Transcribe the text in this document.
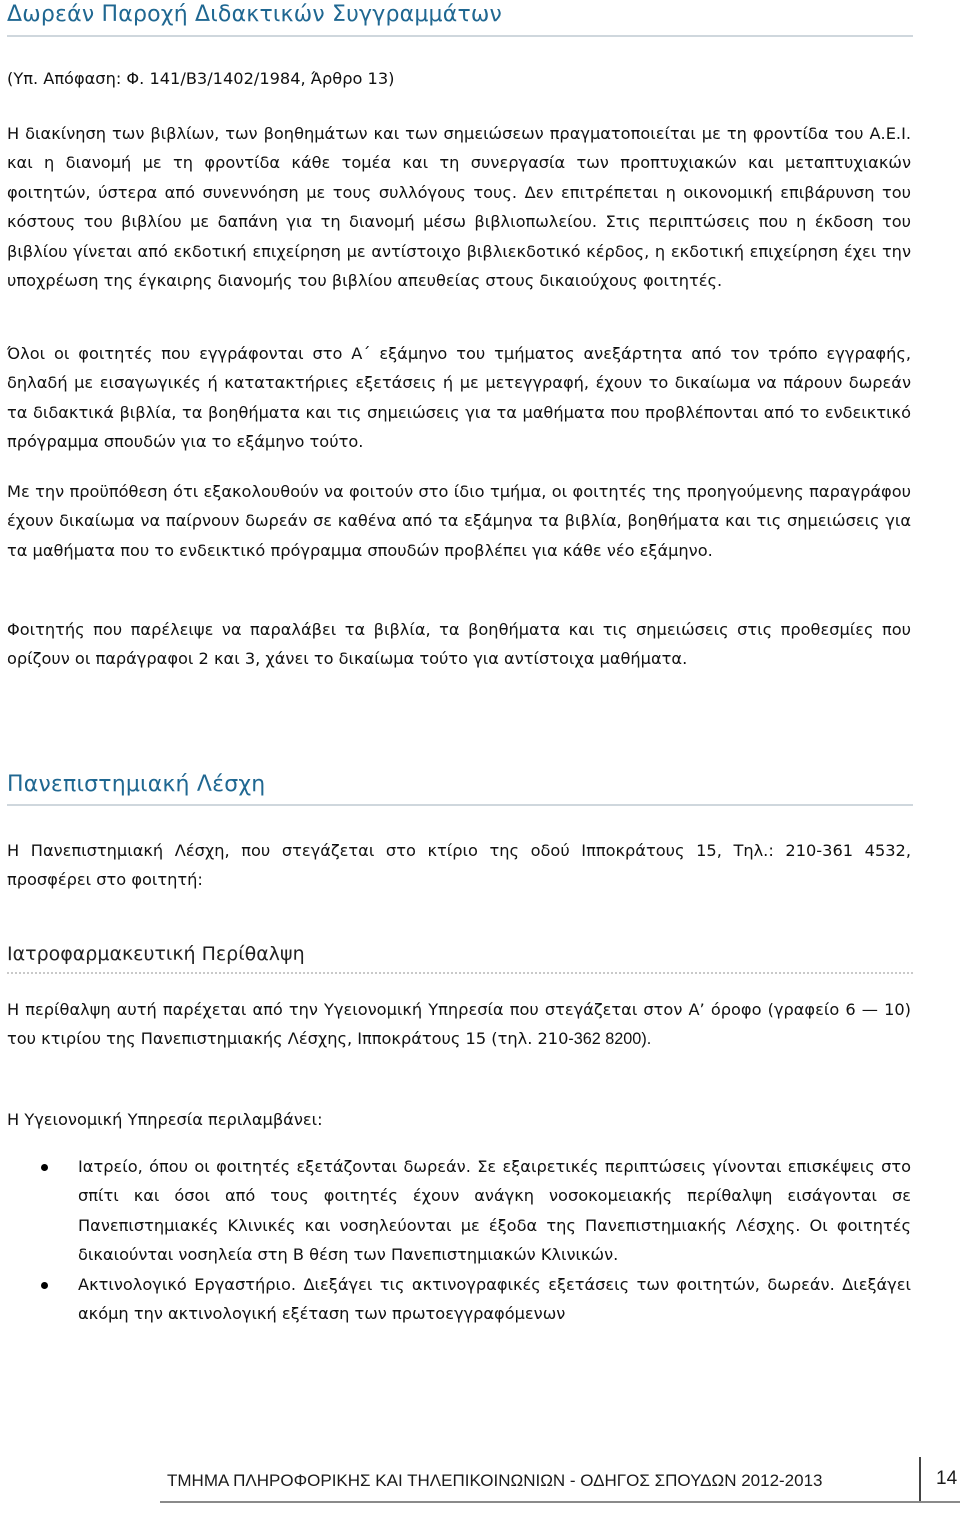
Δωρεάν Παροχή Διδακτικών Συγγραμμάτων
(Υπ. Απόφαση: Φ. 141/Β3/1402/1984, Άρθρο 13)
Η διακίνηση των βιβλίων, των βοηθημάτων και των σημειώσεων πραγματοποιείται με τη φροντίδα του Α.Ε.Ι. και η διανομή με τη φροντίδα κάθε τομέα και τη συνεργασία των προπτυχιακών και μεταπτυχιακών φοιτητών, ύστερα από συνεννόηση με τους συλλόγους τους. Δεν επιτρέπεται η οικονομική επιβάρυνση του κόστους του βιβλίου με δαπάνη για τη διανομή μέσω βιβλιοπωλείου. Στις περιπτώσεις που η έκδοση του βιβλίου γίνεται από εκδοτική επιχείρηση με αντίστοιχο βιβλιεκδοτικό κέρδος, η εκδοτική επιχείρηση έχει την υποχρέωση της έγκαιρης διανομής του βιβλίου απευθείας στους δικαιούχους φοιτητές.
Όλοι οι φοιτητές που εγγράφονται στο Α΄ εξάμηνο του τμήματος ανεξάρτητα από τον τρόπο εγγραφής, δηλαδή με εισαγωγικές ή κατατακτήριες εξετάσεις ή με μετεγγραφή, έχουν το δικαίωμα να πάρουν δωρεάν τα διδακτικά βιβλία, τα βοηθήματα και τις σημειώσεις για τα μαθήματα που προβλέπονται από το ενδεικτικό πρόγραμμα σπουδών για το εξάμηνο τούτο.
Με την προϋπόθεση ότι εξακολουθούν να φοιτούν στο ίδιο τμήμα, οι φοιτητές της προηγούμενης παραγράφου έχουν δικαίωμα να παίρνουν δωρεάν σε καθένα από τα εξάμηνα τα βιβλία, βοηθήματα και τις σημειώσεις για τα μαθήματα που το ενδεικτικό πρόγραμμα σπουδών προβλέπει για κάθε νέο εξάμηνο.
Φοιτητής που παρέλειψε να παραλάβει τα βιβλία, τα βοηθήματα και τις σημειώσεις στις προθεσμίες που ορίζουν οι παράγραφοι 2 και 3, χάνει το δικαίωμα τούτο για αντίστοιχα μαθήματα.
Πανεπιστημιακή Λέσχη
Η Πανεπιστημιακή Λέσχη, που στεγάζεται στο κτίριο της οδού Ιπποκράτους 15, Τηλ.: 210-361 4532, προσφέρει στο φοιτητή:
Ιατροφαρμακευτική Περίθαλψη
Η περίθαλψη αυτή παρέχεται από την Υγειονομική Υπηρεσία που στεγάζεται στον Α’ όροφο (γραφείο 6 — 10) του κτιρίου της Πανεπιστημιακής Λέσχης, Ιπποκράτους 15 (τηλ. 210-362 8200).
Η Υγειονομική Υπηρεσία περιλαμβάνει:
Ιατρείο, όπου οι φοιτητές εξετάζονται δωρεάν. Σε εξαιρετικές περιπτώσεις γίνονται επισκέψεις στο σπίτι και όσοι από τους φοιτητές έχουν ανάγκη νοσοκομειακής περίθαλψη εισάγονται σε Πανεπιστημιακές Κλινικές και νοσηλεύονται με έξοδα της Πανεπιστημιακής Λέσχης. Οι φοιτητές δικαιούνται νοσηλεία στη Β θέση των Πανεπιστημιακών Κλινικών.
Ακτινολογικό Εργαστήριο. Διεξάγει τις ακτινογραφικές εξετάσεις των φοιτητών, δωρεάν. Διεξάγει ακόμη την ακτινολογική εξέταση των πρωτοεγγραφόμενων
ΤΜΗΜΑ ΠΛΗΡΟΦΟΡΙΚΗΣ ΚΑΙ ΤΗΛΕΠΙΚΟΙΝΩΝΙΩΝ - ΟΔΗΓΟΣ ΣΠΟΥΔΩΝ 2012-2013	14
